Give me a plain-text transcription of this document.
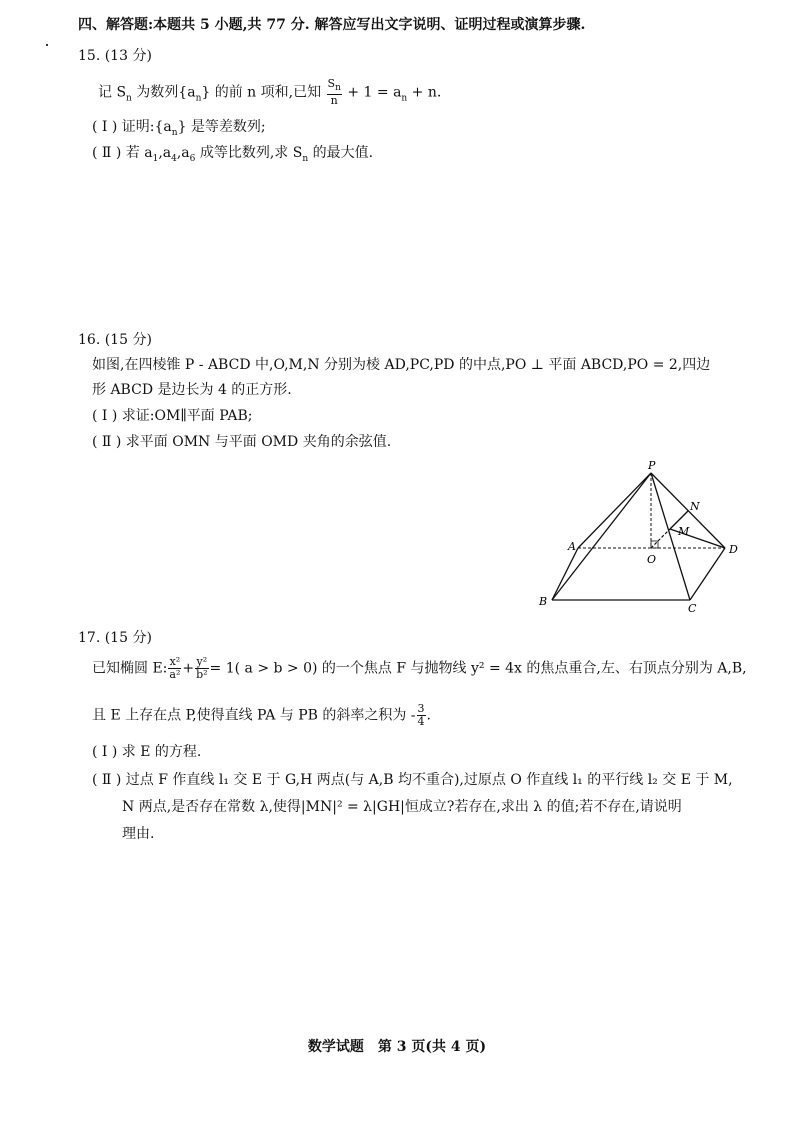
四、解答题:本题共 5 小题,共 77 分. 解答应写出文字说明、证明过程或演算步骤.
15. (13 分)
记 $S_n$ 为数列$\{a_n\}$ 的前 n 项和,已知 $\frac{S_n}{n} + 1 = a_n + n$.
( Ⅰ ) 证明$:\{a_n\}$ 是等差数列;
( Ⅱ ) 若 $a_1,a_4,a_6$ 成等比数列,求 $S_n$ 的最大值.
16. (15 分)
如图,在四棱锥 P - ABCD 中,O,M,N 分别为棱 AD,PC,PD 的中点,PO ⊥ 平面 ABCD,PO = 2,四边
形 ABCD 是边长为 4 的正方形.
( Ⅰ ) 求证:OM∥平面 PAB;
( Ⅱ ) 求平面 OMN 与平面 OMD 夹角的余弦值.
P
N
M
A
O
D
B
C
17. (15 分)
已知椭圆 E: $\frac{\text{x²}}{\text{a²}} + \frac{\text{y²}}{\text{b²}} = 1$( a > b > 0) 的一个焦点 F 与抛物线 y² = 4x 的焦点重合,左、右顶点分别为 A,B,
且 E 上存在点 P,使得直线 PA 与 PB 的斜率之积为 - $\frac{3}{4}$ .
( Ⅰ ) 求 E 的方程.
( Ⅱ ) 过点 F 作直线 l₁ 交 E 于 G,H 两点(与 A,B 均不重合),过原点 O 作直线 l₁ 的平行线 l₂ 交 E 于 M,
N 两点,是否存在常数 λ,使得|MN|² = λ|GH|恒成立?若存在,求出 λ 的值;若不存在,请说明
理由.
数学试题　第 3 页(共 4 页)
